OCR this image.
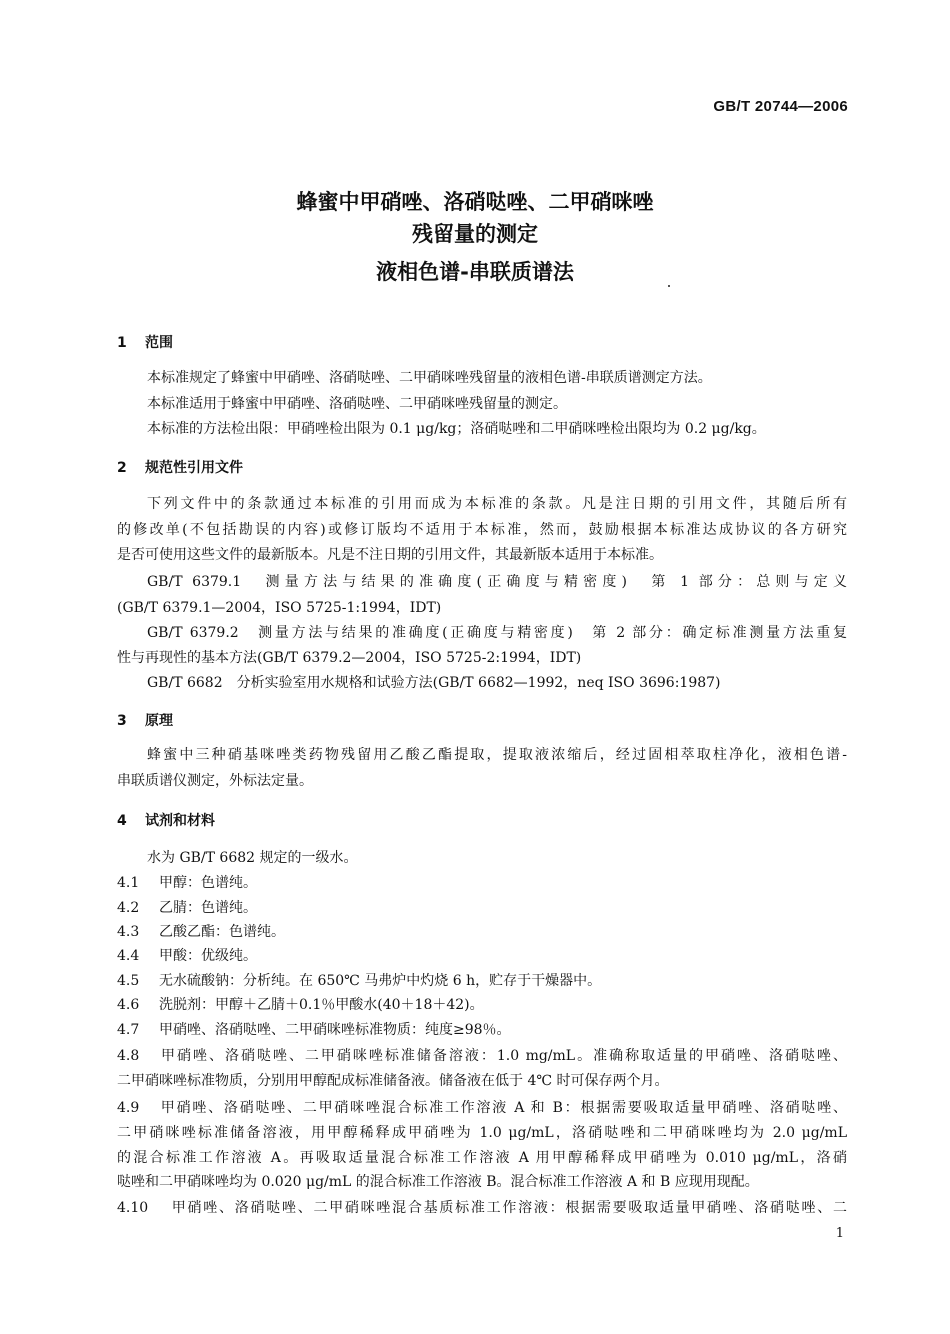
GB/T 20744—2006
蜂蜜中甲硝唑、洛硝哒唑、二甲硝咪唑
残留量的测定
液相色谱-串联质谱法
1 范围
本标准规定了蜂蜜中甲硝唑、洛硝哒唑、二甲硝咪唑残留量的液相色谱-串联质谱测定方法。
本标准适用于蜂蜜中甲硝唑、洛硝哒唑、二甲硝咪唑残留量的测定。
本标准的方法检出限：甲硝唑检出限为 0.1 μg/kg；洛硝哒唑和二甲硝咪唑检出限均为 0.2 μg/kg。
2 规范性引用文件
下列文件中的条款通过本标准的引用而成为本标准的条款。凡是注日期的引用文件，其随后所有
的修改单(不包括勘误的内容)或修订版均不适用于本标准，然而，鼓励根据本标准达成协议的各方研究
是否可使用这些文件的最新版本。凡是不注日期的引用文件，其最新版本适用于本标准。
GB/T 6379.1　测量方法与结果的准确度(正确度与精密度)　第 1 部分：总则与定义
(GB/T 6379.1—2004，ISO 5725-1:1994，IDT)
GB/T 6379.2　测量方法与结果的准确度(正确度与精密度)　第 2 部分：确定标准测量方法重复
性与再现性的基本方法(GB/T 6379.2—2004，ISO 5725-2:1994，IDT)
GB/T 6682　分析实验室用水规格和试验方法(GB/T 6682—1992，neq ISO 3696:1987)
3 原理
蜂蜜中三种硝基咪唑类药物残留用乙酸乙酯提取，提取液浓缩后，经过固相萃取柱净化，液相色谱-
串联质谱仪测定，外标法定量。
4 试剂和材料
水为 GB/T 6682 规定的一级水。
4.1 甲醇：色谱纯。
4.2 乙腈：色谱纯。
4.3 乙酸乙酯：色谱纯。
4.4 甲酸：优级纯。
4.5 无水硫酸钠：分析纯。在 650℃ 马弗炉中灼烧 6 h，贮存于干燥器中。
4.6 洗脱剂：甲醇＋乙腈＋0.1％甲酸水(40＋18＋42)。
4.7 甲硝唑、洛硝哒唑、二甲硝咪唑标准物质：纯度≥98％。
4.8 甲硝唑、洛硝哒唑、二甲硝咪唑标准储备溶液：1.0 mg/mL。准确称取适量的甲硝唑、洛硝哒唑、
二甲硝咪唑标准物质，分别用甲醇配成标准储备液。储备液在低于 4℃ 时可保存两个月。
4.9 甲硝唑、洛硝哒唑、二甲硝咪唑混合标准工作溶液 A 和 B：根据需要吸取适量甲硝唑、洛硝哒唑、
二甲硝咪唑标准储备溶液，用甲醇稀释成甲硝唑为 1.0 μg/mL，洛硝哒唑和二甲硝咪唑均为 2.0 μg/mL
的混合标准工作溶液 A。再吸取适量混合标准工作溶液 A 用甲醇稀释成甲硝唑为 0.010 μg/mL，洛硝
哒唑和二甲硝咪唑均为 0.020 μg/mL 的混合标准工作溶液 B。混合标准工作溶液 A 和 B 应现用现配。
4.10 甲硝唑、洛硝哒唑、二甲硝咪唑混合基质标准工作溶液：根据需要吸取适量甲硝唑、洛硝哒唑、二
1
